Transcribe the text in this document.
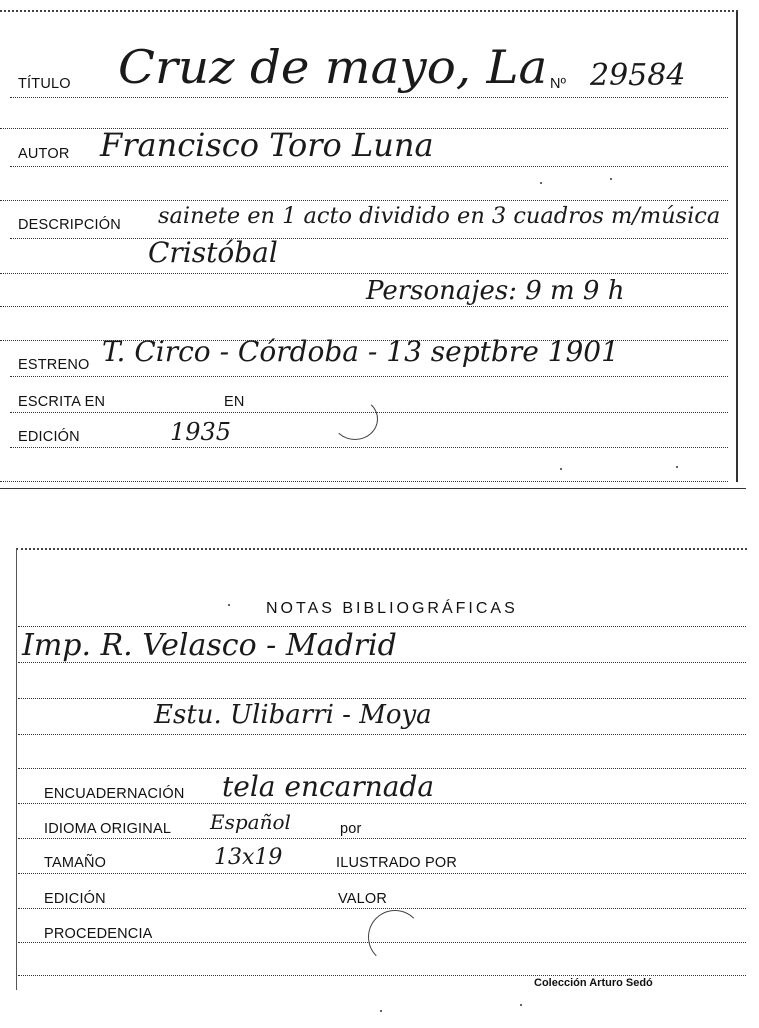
TÍTULO Cruz de mayo, La Nº 29584
AUTOR Francisco Toro Luna
DESCRIPCIÓN sainete en 1 acto dividido en 3 cuadros m/música
Cristóbal
Personajes: 9 m 9 h
ESTRENO T. Circo - Córdoba - 13 septbre 1901
ESCRITA EN	EN
EDICIÓN	1935
NOTAS BIBLIOGRÁFICAS
Imp. R. Velasco - Madrid
Estu. Ulibarri - Moya
ENCUADERNACIÓN tela encarnada
IDIOMA ORIGINAL Español	por
TAMAÑO	13x19	ILUSTRADO POR
EDICIÓN	VALOR
PROCEDENCIA
Colección Arturo Sedó
